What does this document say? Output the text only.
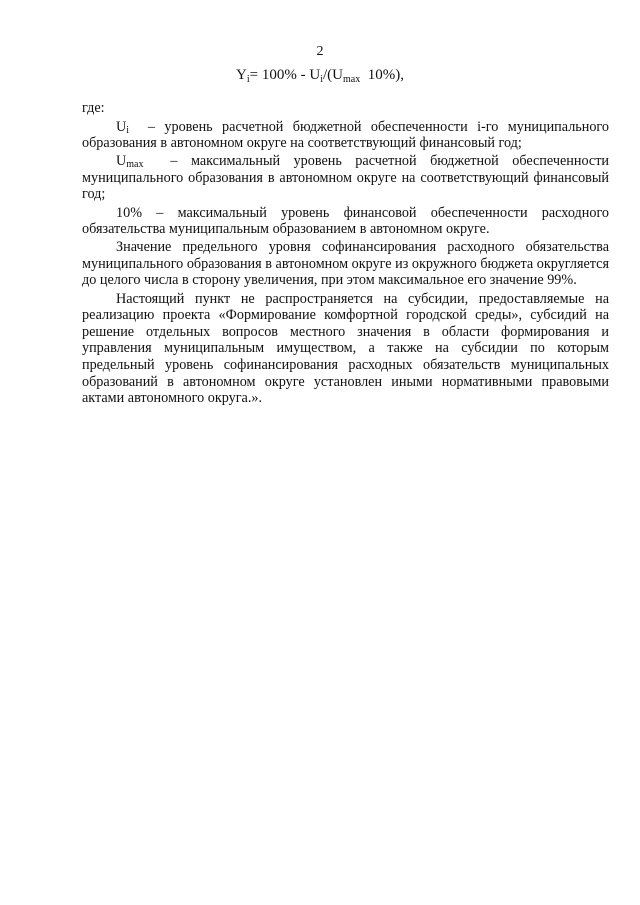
2
$Y_i= 100\% - U_i/(U_{max}$ 10%),

где:

$U_i$ – уровень расчетной бюджетной обеспеченности i-го муниципального образования в автономном округе на соответствующий финансовый год;

$U_{max}$ – максимальный уровень расчетной бюджетной обеспеченности муниципального образования в автономном округе на соответствующий финансовый год;

10% – максимальный уровень финансовой обеспеченности расходного обязательства муниципальным образованием в автономном округе.

Значение предельного уровня софинансирования расходного обязательства муниципального образования в автономном округе из окружного бюджета округляется до целого числа в сторону увеличения, при этом максимальное его значение 99%.

Настоящий пункт не распространяется на субсидии, предоставляемые на реализацию проекта «Формирование комфортной городской среды», субсидий на решение отдельных вопросов местного значения в области формирования и управления муниципальным имуществом, а также на субсидии по которым предельный уровень софинансирования расходных обязательств муниципальных образований в автономном округе установлен иными нормативными правовыми актами автономного округа.».
